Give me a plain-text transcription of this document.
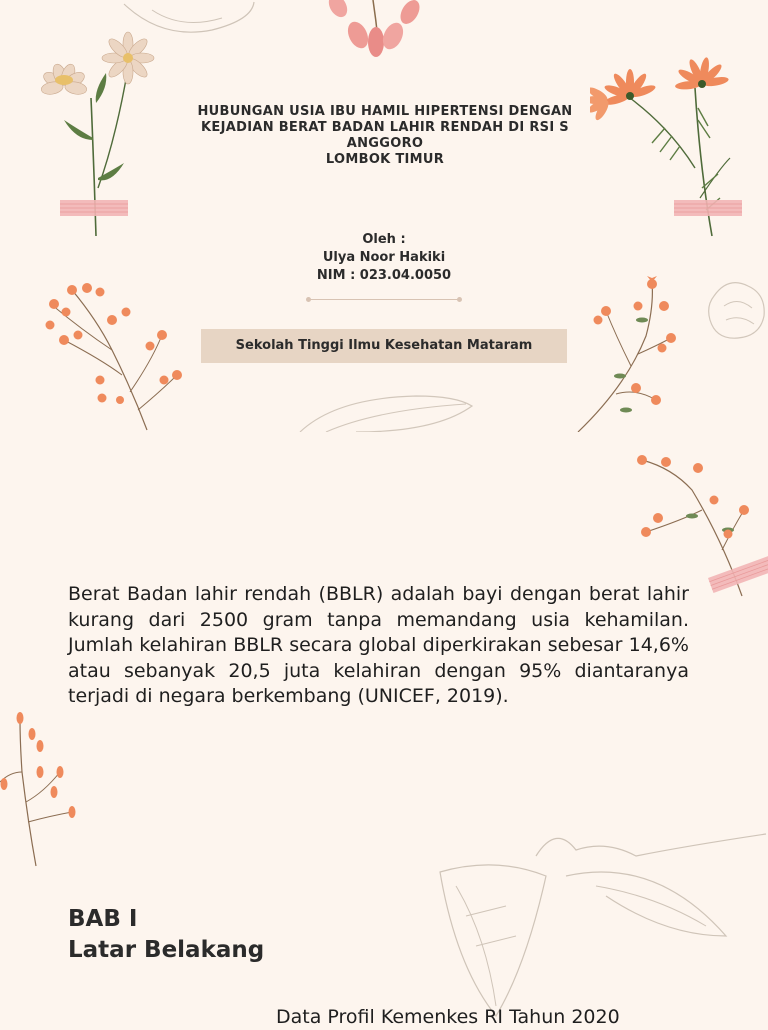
HUBUNGAN USIA IBU HAMIL HIPERTENSI DENGAN
KEJADIAN BERAT BADAN LAHIR RENDAH DI RSI S
ANGGORO
LOMBOK TIMUR
Oleh :
Ulya Noor Hakiki
NIM : 023.04.0050
Sekolah Tinggi Ilmu Kesehatan Mataram
BAB I
Latar Belakang
Berat Badan lahir rendah (BBLR) adalah bayi dengan berat lahir kurang dari 2500 gram tanpa memandang usia kehamilan. Jumlah kelahiran BBLR secara global diperkirakan sebesar 14,6% atau sebanyak 20,5 juta kelahiran dengan 95% diantaranya terjadi di negara berkembang (UNICEF, 2019).
Data Profil Kemenkes RI Tahun 2020
